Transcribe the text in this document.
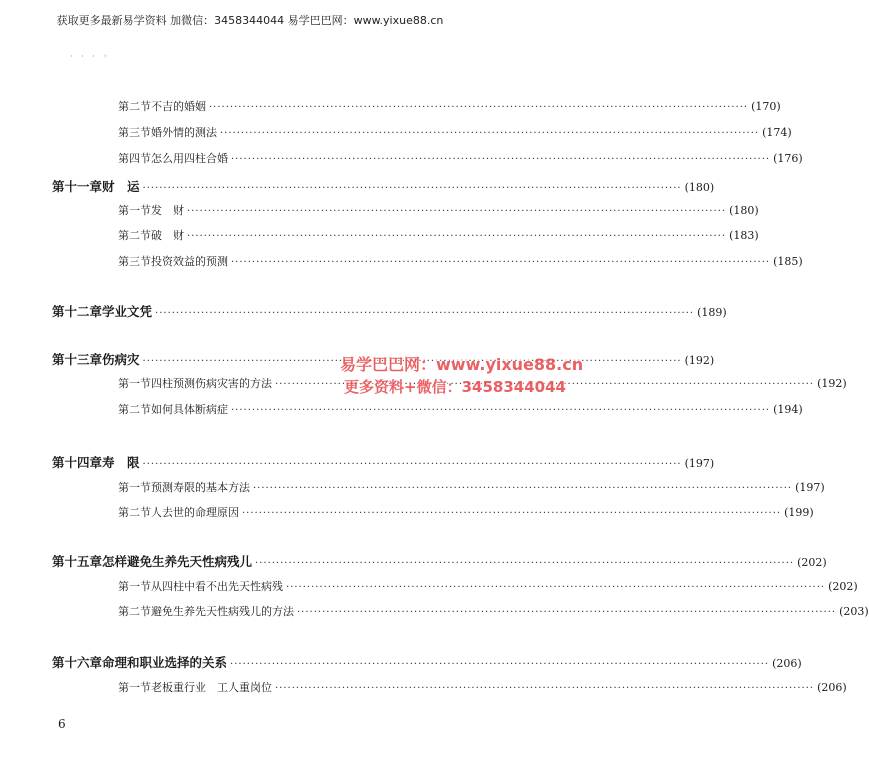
获取更多最新易学资料 加微信：3458344044 易学巴巴网：www.yixue88.cn
· · · ◦
第二节 不吉的婚姻 ·····	(170)
第三节 婚外情的测法 ·····	(174)
第四节 怎么用四柱合婚 ·····	(176)
第十一章 财　运 ·····	(180)
第一节 发　财 ·····	(180)
第二节 破　财 ·····	(183)
第三节 投资效益的预测 ·····	(185)
第十二章 学业文凭 ·····	(189)
第十三章 伤病灾 ·····	(192)
第一节 四柱预测伤病灾害的方法 ·····	(192)
第二节 如何具体断病症 ·····	(194)
第十四章 寿　限 ·····	(197)
第一节 预测寿限的基本方法 ·····	(197)
第二节 人去世的命理原因 ·····	(199)
第十五章 怎样避免生养先天性病残儿 ·····	(202)
第一节 从四柱中看不出先天性病残 ·····	(202)
第二节 避免生养先天性病残儿的方法 ·····	(203)
第十六章 命理和职业选择的关系 ·····	(206)
第一节 老板重行业　工人重岗位 ·····	(206)
易学巴巴网：www.yixue88.cn
更多资料+微信：3458344044
6
